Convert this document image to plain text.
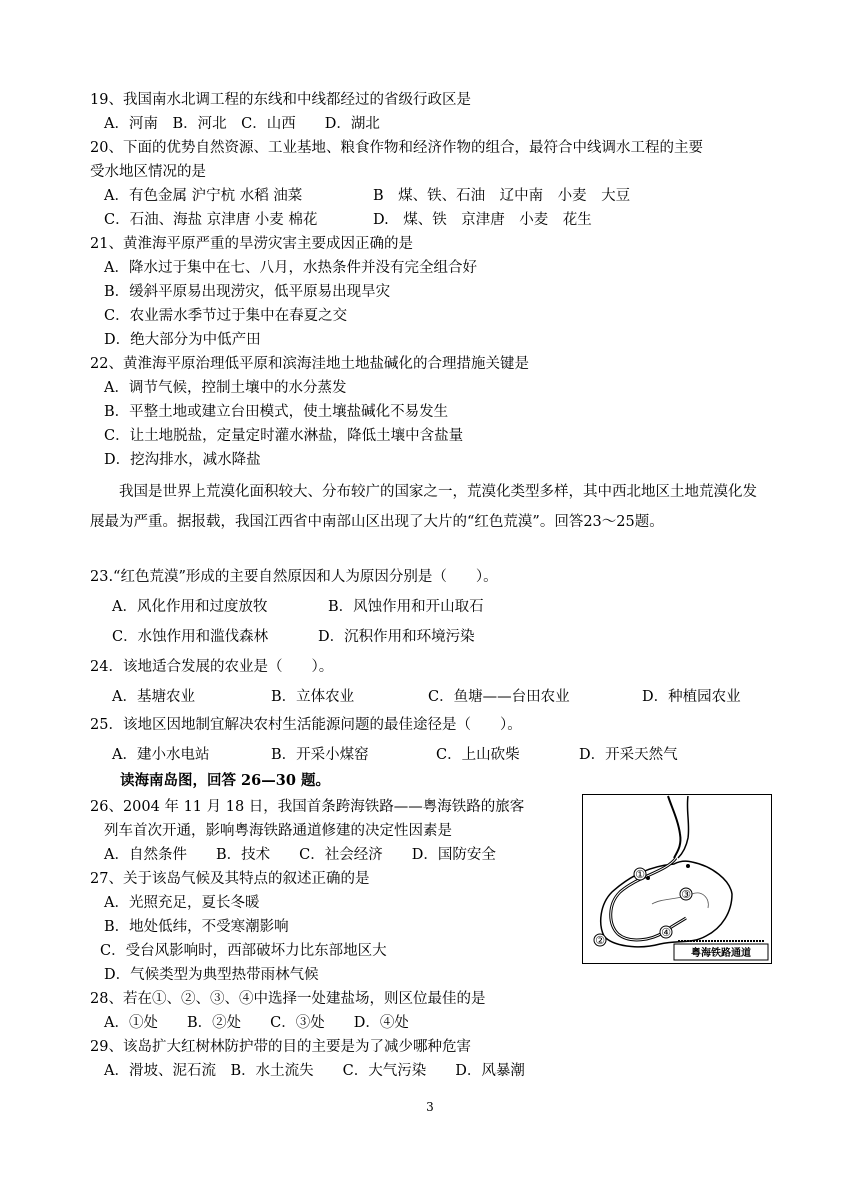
19、我国南水北调工程的东线和中线都经过的省级行政区是
A．河南　B．河北　C．山西　　D．湖北
20、下面的优势自然资源、工业基地、粮食作物和经济作物的组合，最符合中线调水工程的主要
受水地区情况的是
A．有色金属 沪宁杭 水稻 油菜	B　煤、铁、石油　辽中南　小麦　大豆
C．石油、海盐 京津唐 小麦 棉花	D.　煤、铁　京津唐　小麦　花生
21、黄淮海平原严重的旱涝灾害主要成因正确的是
A．降水过于集中在七、八月，水热条件并没有完全组合好
B．缓斜平原易出现涝灾，低平原易出现旱灾
C．农业需水季节过于集中在春夏之交
D．绝大部分为中低产田
22、黄淮海平原治理低平原和滨海洼地土地盐碱化的合理措施关键是
A．调节气候，控制土壤中的水分蒸发
B．平整土地或建立台田模式，使土壤盐碱化不易发生
C．让土地脱盐，定量定时灌水淋盐，降低土壤中含盐量
D．挖沟排水，减水降盐
我国是世界上荒漠化面积较大、分布较广的国家之一，荒漠化类型多样，其中西北地区土地荒漠化发展最为严重。据报载，我国江西省中南部山区出现了大片的“红色荒漠”。回答23～25题。
23.“红色荒漠”形成的主要自然原因和人为原因分别是（　　）。
A．风化作用和过度放牧	B．风蚀作用和开山取石
C．水蚀作用和滥伐森林	D．沉积作用和环境污染
24．该地适合发展的农业是（　　）。
A．基塘农业	B．立体农业	C．鱼塘——台田农业	D．种植园农业
25．该地区因地制宜解决农村生活能源问题的最佳途径是（　　）。
A．建小水电站	B．开采小煤窑	C．上山砍柴	D．开采天然气
读海南岛图，回答 26—30 题。
26、2004 年 11 月 18 日，我国首条跨海铁路——粤海铁路的旅客
列车首次开通，影响粤海铁路通道修建的决定性因素是
A．自然条件　　B．技术　　C．社会经济　　D．国防安全
27、关于该岛气候及其特点的叙述正确的是
A．光照充足，夏长冬暖
B．地处低纬，不受寒潮影响
C．受台风影响时，西部破坏力比东部地区大
D．气候类型为典型热带雨林气候
28、若在①、②、③、④中选择一处建盐场，则区位最佳的是
A．①处　　B．②处　　C．③处　　D．④处
29、该岛扩大红树林防护带的目的主要是为了减少哪种危害
A．滑坡、泥石流　B．水土流失　　C．大气污染　　D．风暴潮
①
③
④
②
粤海铁路通道
3
